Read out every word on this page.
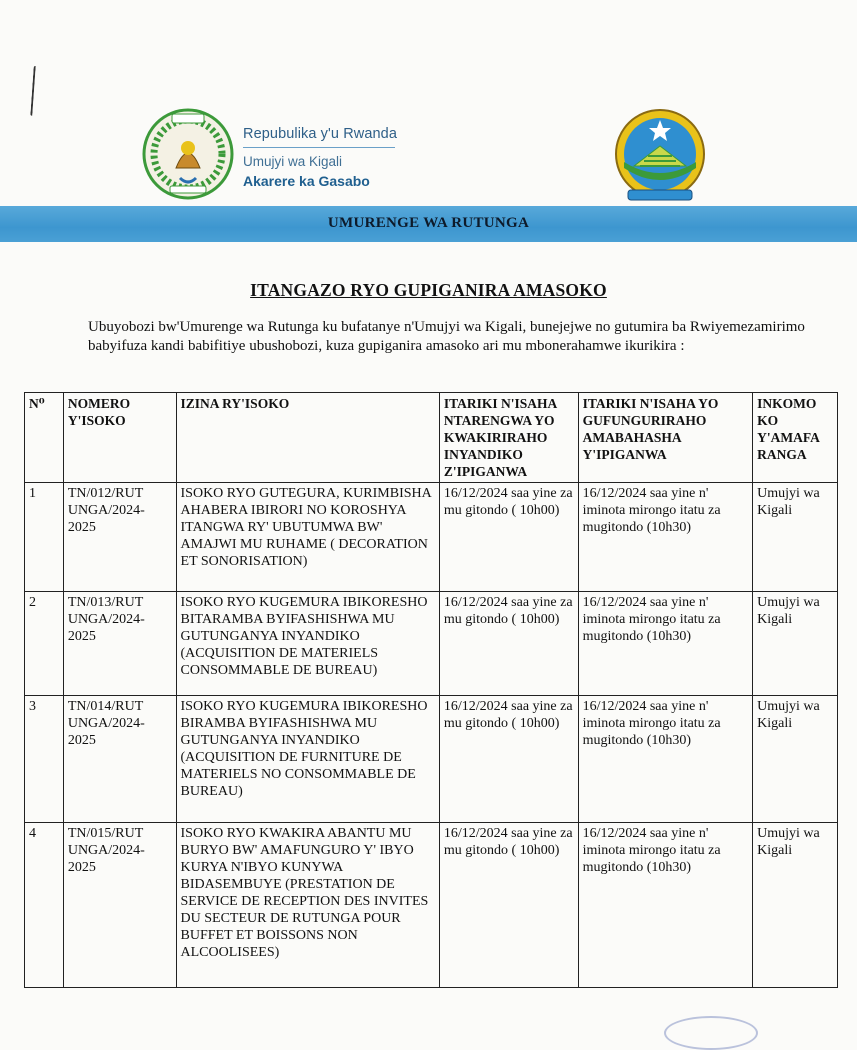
Repubulika y'u Rwanda
Umujyi wa Kigali
Akarere ka Gasabo
UMURENGE WA RUTUNGA
ITANGAZO RYO GUPIGANIRA AMASOKO
Ubuyobozi bw'Umurenge wa Rutunga ku bufatanye n'Umujyi wa Kigali, bunejejwe no gutumira ba Rwiyemezamirimo babyifuza kandi babifitiye ubushobozi, kuza gupiganira amasoko ari mu mbonerahamwe ikurikira :
N⁰	NOMERO Y'ISOKO	IZINA RY'ISOKO	ITARIKI N'ISAHA NTARENGWA YO KWAKIRIRAHO INYANDIKO Z'IPIGANWA	ITARIKI N'ISAHA YO GUFUNGURIRAHO AMABAHASHA Y'IPIGANWA	INKOMO KO Y'AMAFA RANGA
1	TN/012/RUT UNGA/2024-2025	ISOKO RYO GUTEGURA, KURIMBISHA AHABERA IBIRORI NO KOROSHYA ITANGWA RY' UBUTUMWA BW' AMAJWI MU RUHAME ( DECORATION ET SONORISATION)	16/12/2024 saa yine za mu gitondo ( 10h00)	16/12/2024 saa yine n' iminota mirongo itatu za mugitondo (10h30)	Umujyi wa Kigali
2	TN/013/RUT UNGA/2024-2025	ISOKO RYO KUGEMURA IBIKORESHO BITARAMBA BYIFASHISHWA MU GUTUNGANYA INYANDIKO (ACQUISITION DE MATERIELS CONSOMMABLE DE BUREAU)	16/12/2024 saa yine za mu gitondo ( 10h00)	16/12/2024 saa yine n' iminota mirongo itatu za mugitondo (10h30)	Umujyi wa Kigali
3	TN/014/RUT UNGA/2024-2025	ISOKO RYO KUGEMURA IBIKORESHO BIRAMBA BYIFASHISHWA MU GUTUNGANYA INYANDIKO (ACQUISITION DE FURNITURE DE MATERIELS NO CONSOMMABLE DE BUREAU)	16/12/2024 saa yine za mu gitondo ( 10h00)	16/12/2024 saa yine n' iminota mirongo itatu za mugitondo (10h30)	Umujyi wa Kigali
4	TN/015/RUT UNGA/2024-2025	ISOKO RYO KWAKIRA ABANTU MU BURYO BW' AMAFUNGURO Y' IBYO KURYA N'IBYO KUNYWA BIDASEMBUYE (PRESTATION DE SERVICE DE RECEPTION DES INVITES DU SECTEUR DE RUTUNGA POUR BUFFET ET BOISSONS NON ALCOOLISEES)	16/12/2024 saa yine za mu gitondo ( 10h00)	16/12/2024 saa yine n' iminota mirongo itatu za mugitondo (10h30)	Umujyi wa Kigali
